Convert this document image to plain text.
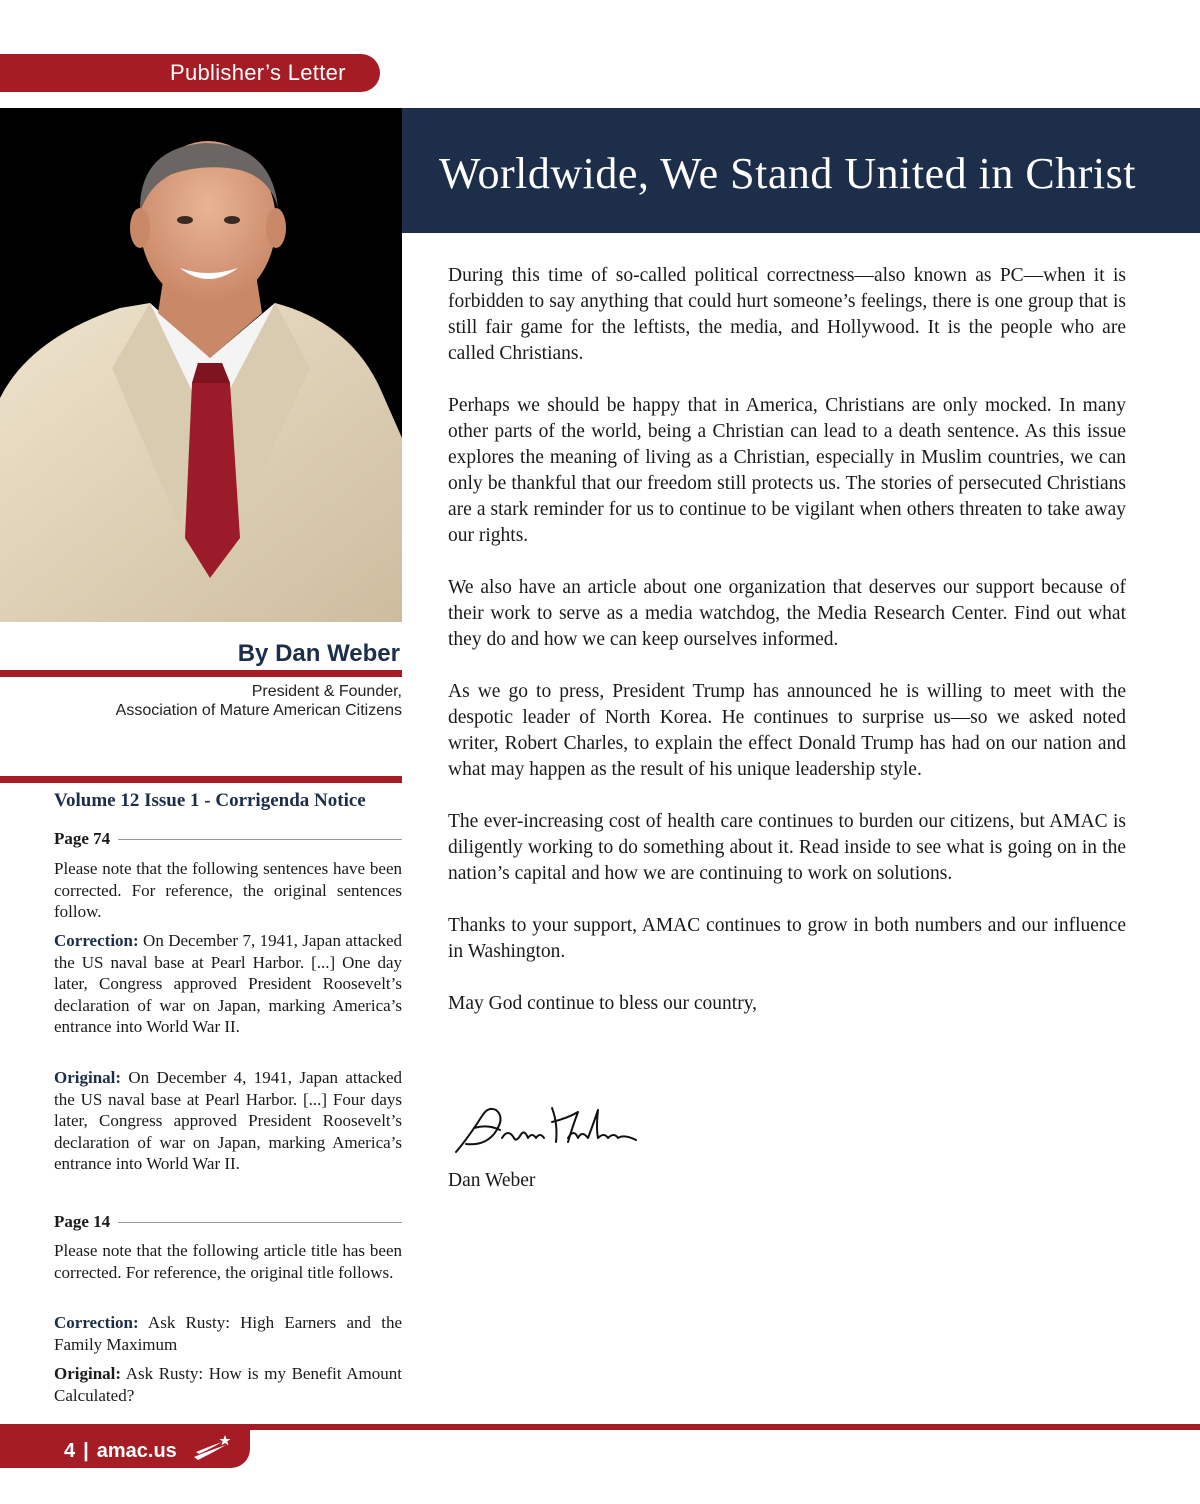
Publisher’s Letter
Worldwide, We Stand United in Christ
By Dan Weber
President & Founder,
Association of Mature American Citizens
Volume 12 Issue 1 - Corrigenda Notice
Page 74
Please note that the following sentences have been corrected. For reference, the original sentences follow.
Correction: On December 7, 1941, Japan attacked the US naval base at Pearl Harbor. [...] One day later, Congress approved President Roosevelt’s declaration of war on Japan, marking America’s entrance into World War II.
Original: On December 4, 1941, Japan attacked the US naval base at Pearl Harbor. [...] Four days later, Congress approved President Roosevelt’s declaration of war on Japan, marking America’s entrance into World War II.
Page 14
Please note that the following article title has been corrected. For reference, the original title follows.
Correction: Ask Rusty: High Earners and the Family Maximum
Original: Ask Rusty: How is my Benefit Amount Calculated?

During this time of so-called political correctness—also known as PC—when it is forbidden to say anything that could hurt someone’s feelings, there is one group that is still fair game for the leftists, the media, and Hollywood. It is the people who are called Christians.

Perhaps we should be happy that in America, Christians are only mocked. In many other parts of the world, being a Christian can lead to a death sentence. As this issue explores the meaning of living as a Christian, especially in Muslim countries, we can only be thankful that our freedom still protects us. The stories of persecuted Christians are a stark reminder for us to continue to be vigilant when others threaten to take away our rights.

We also have an article about one organization that deserves our support because of their work to serve as a media watchdog, the Media Research Center. Find out what they do and how we can keep ourselves informed.

As we go to press, President Trump has announced he is willing to meet with the despotic leader of North Korea. He continues to surprise us—so we asked noted writer, Robert Charles, to explain the effect Donald Trump has had on our nation and what may happen as the result of his unique leadership style.

The ever-increasing cost of health care continues to burden our citizens, but AMAC is diligently working to do something about it. Read inside to see what is going on in the nation’s capital and how we are continuing to work on solutions.

Thanks to your support, AMAC continues to grow in both numbers and our influence in Washington.

May God continue to bless our country,

Dan Weber
4 | amac.us
